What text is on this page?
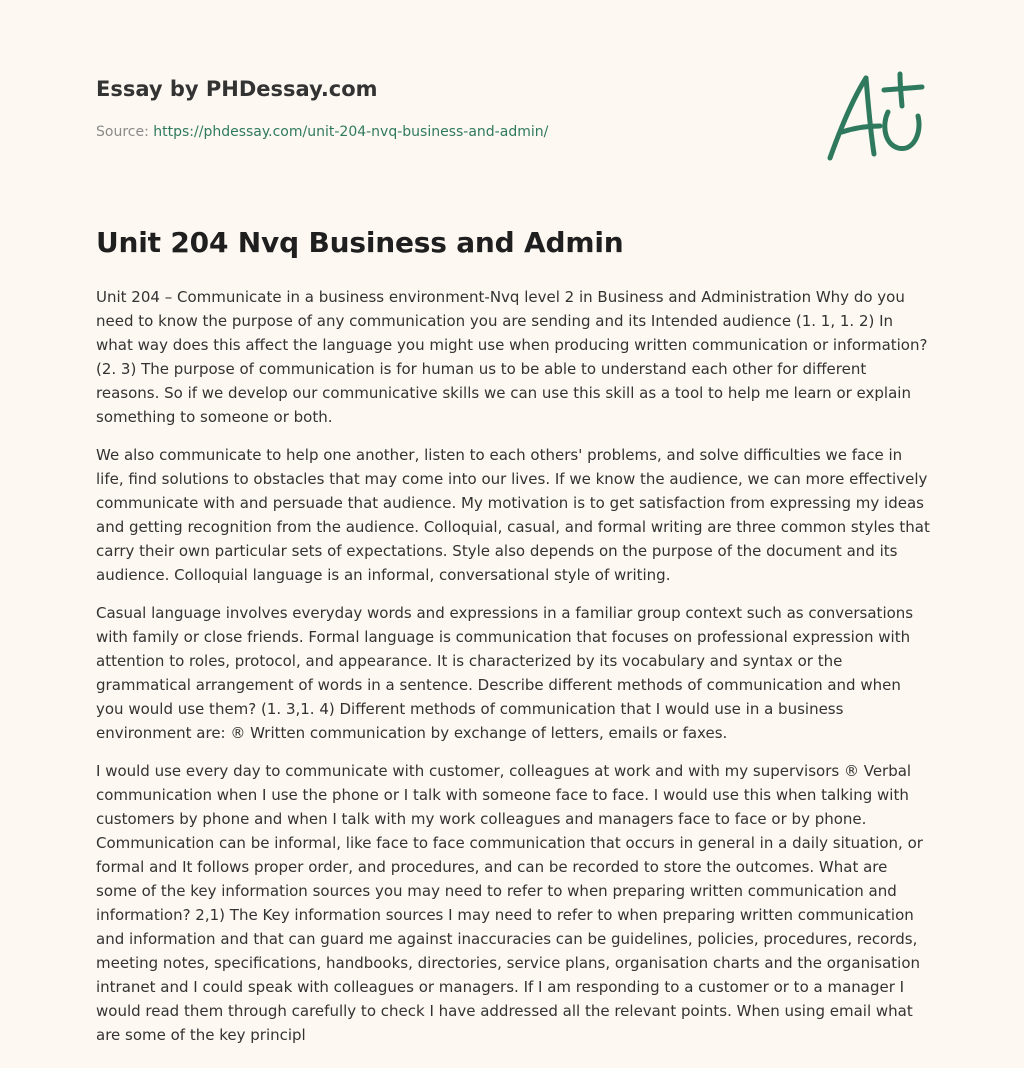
Essay by PHDessay.com
Source: https://phdessay.com/unit-204-nvq-business-and-admin/
Unit 204 Nvq Business and Admin

Unit 204 – Communicate in a business environment-Nvq level 2 in Business and Administration Why do you need to know the purpose of any communication you are sending and its Intended audience (1. 1, 1. 2) In what way does this affect the language you might use when producing written communication or information? (2. 3) The purpose of communication is for human us to be able to understand each other for different reasons. So if we develop our communicative skills we can use this skill as a tool to help me learn or explain something to someone or both.

We also communicate to help one another, listen to each others' problems, and solve difficulties we face in life, find solutions to obstacles that may come into our lives. If we know the audience, we can more effectively communicate with and persuade that audience. My motivation is to get satisfaction from expressing my ideas and getting recognition from the audience. Colloquial, casual, and formal writing are three common styles that carry their own particular sets of expectations. Style also depends on the purpose of the document and its audience. Colloquial language is an informal, conversational style of writing.

Casual language involves everyday words and expressions in a familiar group context such as conversations with family or close friends. Formal language is communication that focuses on professional expression with attention to roles, protocol, and appearance. It is characterized by its vocabulary and syntax or the grammatical arrangement of words in a sentence. Describe different methods of communication and when you would use them? (1. 3,1. 4) Different methods of communication that I would use in a business environment are: ® Written communication by exchange of letters, emails or faxes.

I would use every day to communicate with customer, colleagues at work and with my supervisors ® Verbal communication when I use the phone or I talk with someone face to face. I would use this when talking with customers by phone and when I talk with my work colleagues and managers face to face or by phone. Communication can be informal, like face to face communication that occurs in general in a daily situation, or formal and It follows proper order, and procedures, and can be recorded to store the outcomes. What are some of the key information sources you may need to refer to when preparing written communication and information? 2,1) The Key information sources I may need to refer to when preparing written communication and information and that can guard me against inaccuracies can be guidelines, policies, procedures, records, meeting notes, specifications, handbooks, directories, service plans, organisation charts and the organisation intranet and I could speak with colleagues or managers. If I am responding to a customer or to a manager I would read them through carefully to check I have addressed all the relevant points. When using email what are some of the key principl
